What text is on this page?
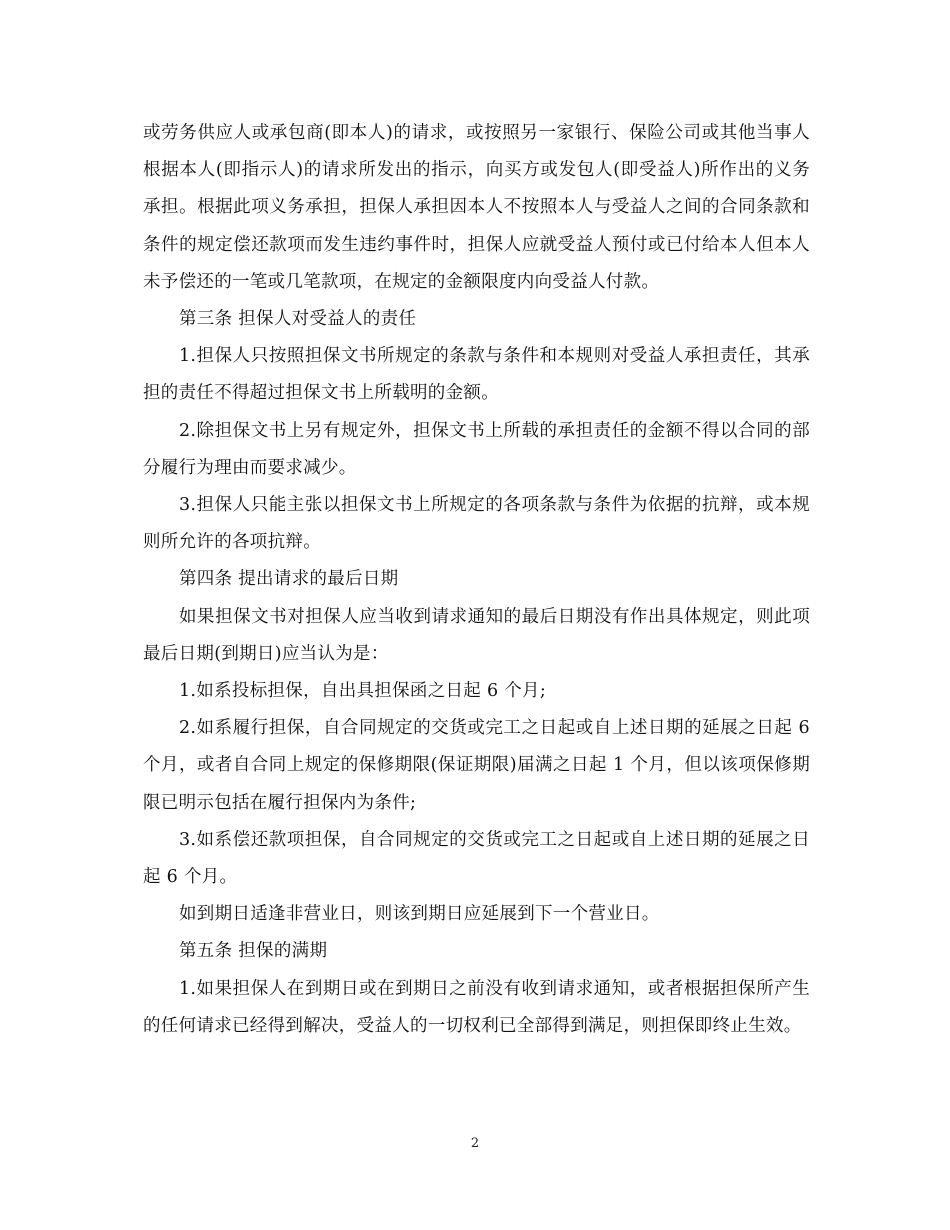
或劳务供应人或承包商(即本人)的请求，或按照另一家银行、保险公司或其他当事人根据本人(即指示人)的请求所发出的指示，向买方或发包人(即受益人)所作出的义务承担。根据此项义务承担，担保人承担因本人不按照本人与受益人之间的合同条款和条件的规定偿还款项而发生违约事件时，担保人应就受益人预付或已付给本人但本人未予偿还的一笔或几笔款项，在规定的金额限度内向受益人付款。

第三条 担保人对受益人的责任

1.担保人只按照担保文书所规定的条款与条件和本规则对受益人承担责任，其承担的责任不得超过担保文书上所载明的金额。

2.除担保文书上另有规定外，担保文书上所载的承担责任的金额不得以合同的部分履行为理由而要求减少。

3.担保人只能主张以担保文书上所规定的各项条款与条件为依据的抗辩，或本规则所允许的各项抗辩。

第四条 提出请求的最后日期

如果担保文书对担保人应当收到请求通知的最后日期没有作出具体规定，则此项最后日期(到期日)应当认为是：

1.如系投标担保，自出具担保函之日起 6 个月;

2.如系履行担保，自合同规定的交货或完工之日起或自上述日期的延展之日起 6 个月，或者自合同上规定的保修期限(保证期限)届满之日起 1 个月，但以该项保修期限已明示包括在履行担保内为条件;

3.如系偿还款项担保，自合同规定的交货或完工之日起或自上述日期的延展之日起 6 个月。

如到期日适逢非营业日，则该到期日应延展到下一个营业日。

第五条 担保的满期

1.如果担保人在到期日或在到期日之前没有收到请求通知，或者根据担保所产生的任何请求已经得到解决，受益人的一切权利已全部得到满足，则担保即终止生效。

2
